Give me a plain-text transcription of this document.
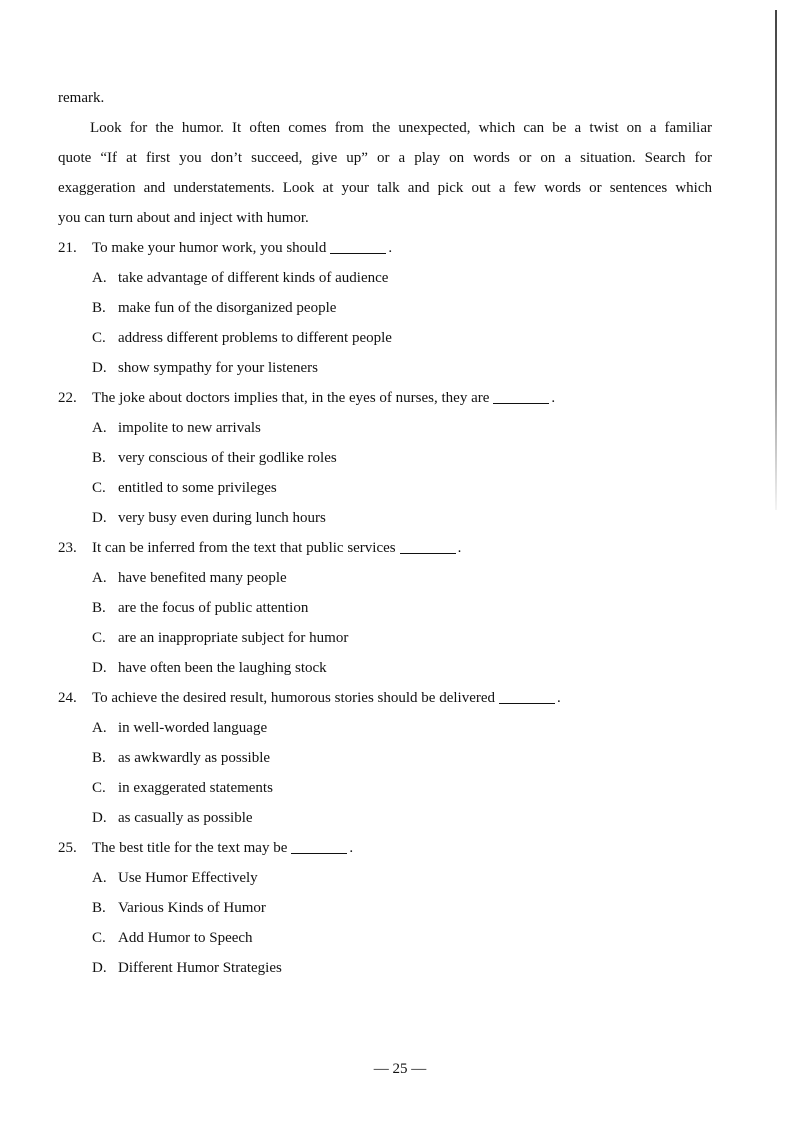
remark.
Look for the humor. It often comes from the unexpected, which can be a twist on a familiar
quote “If at first you don’t succeed, give up” or a play on words or on a situation. Search for
exaggeration and understatements. Look at your talk and pick out a few words or sentences which
you can turn about and inject with humor.
21. To make your humor work, you should	.
A. take advantage of different kinds of audience
B. make fun of the disorganized people
C. address different problems to different people
D. show sympathy for your listeners
22. The joke about doctors implies that, in the eyes of nurses, they are	.
A. impolite to new arrivals
B. very conscious of their godlike roles
C. entitled to some privileges
D. very busy even during lunch hours
23. It can be inferred from the text that public services	.
A. have benefited many people
B. are the focus of public attention
C. are an inappropriate subject for humor
D. have often been the laughing stock
24. To achieve the desired result, humorous stories should be delivered	.
A. in well-worded language
B. as awkwardly as possible
C. in exaggerated statements
D. as casually as possible
25. The best title for the text may be	.
A. Use Humor Effectively
B. Various Kinds of Humor
C. Add Humor to Speech
D. Different Humor Strategies
— 25 —
